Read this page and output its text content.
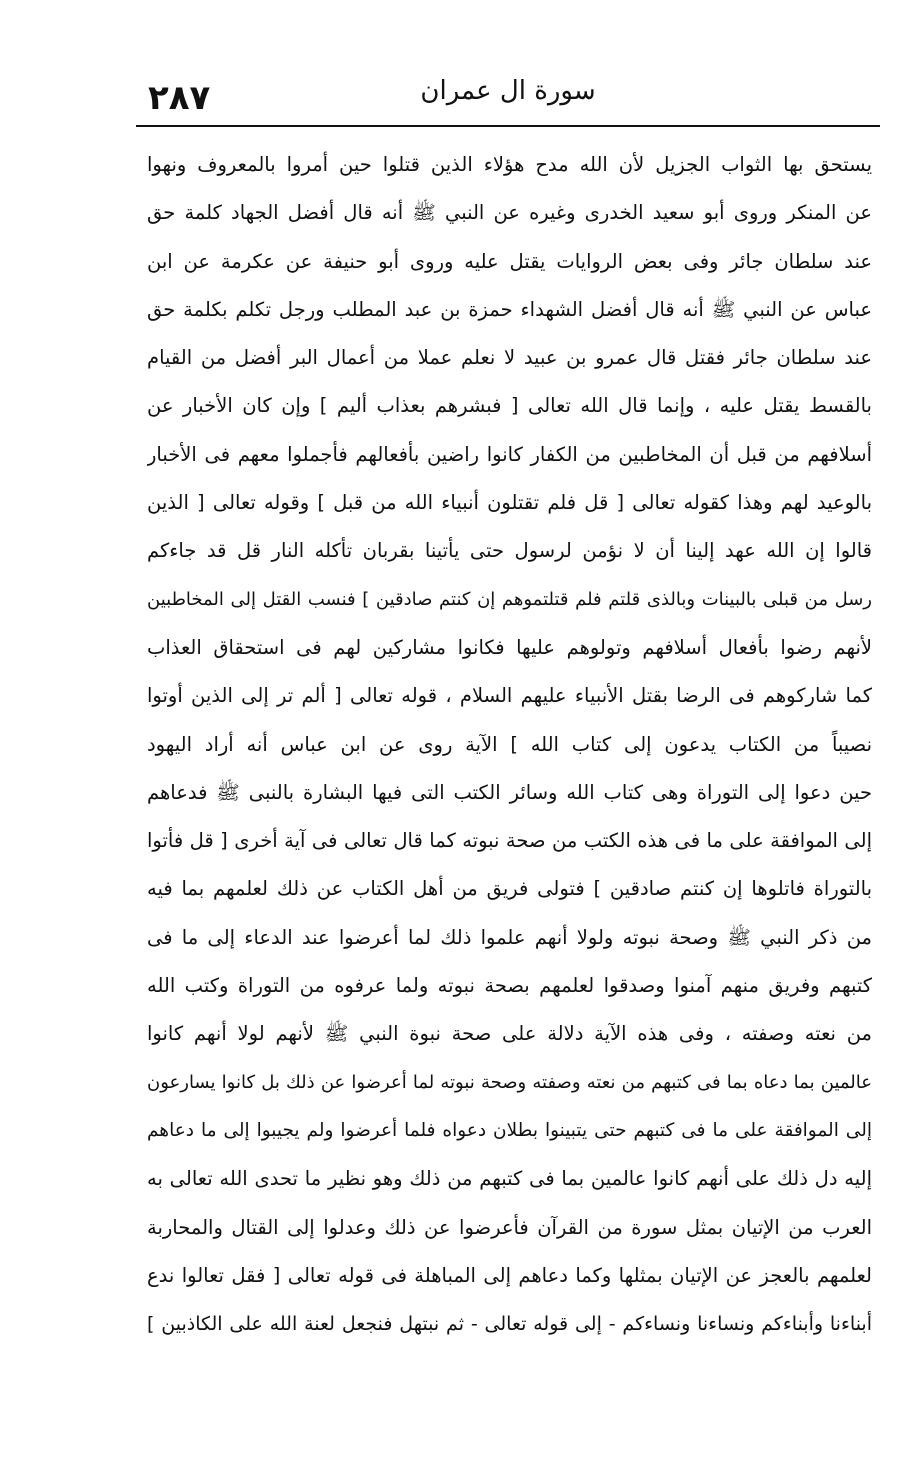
٢٨٧	سورة ال عمران
يستحق بها الثواب الجزيل لأن الله مدح هؤلاء الذين قتلوا حين أمروا بالمعروف ونهوا
عن المنكر وروى أبو سعيد الخدرى وغيره عن النبي ﷺ أنه قال أفضل الجهاد كلمة حق
عند سلطان جائر وفى بعض الروايات يقتل عليه وروى أبو حنيفة عن عكرمة عن ابن
عباس عن النبي ﷺ أنه قال أفضل الشهداء حمزة بن عبد المطلب ورجل تكلم بكلمة حق
عند سلطان جائر فقتل قال عمرو بن عبيد لا نعلم عملا من أعمال البر أفضل من القيام
بالقسط يقتل عليه ، وإنما قال الله تعالى [ فبشرهم بعذاب أليم ] وإن كان الأخبار عن
أسلافهم من قبل أن المخاطبين من الكفار كانوا راضين بأفعالهم فأجملوا معهم فى الأخبار
بالوعيد لهم وهذا كقوله تعالى [ قل فلم تقتلون أنبياء الله من قبل ] وقوله تعالى [ الذين
قالوا إن الله عهد إلينا أن لا نؤمن لرسول حتى يأتينا بقربان تأكله النار قل قد جاءكم
رسل من قبلى بالبينات وبالذى قلتم فلم قتلتموهم إن كنتم صادقين ] فنسب القتل إلى المخاطبين
لأنهم رضوا بأفعال أسلافهم وتولوهم عليها فكانوا مشاركين لهم فى استحقاق العذاب
كما شاركوهم فى الرضا بقتل الأنبياء عليهم السلام ، قوله تعالى [ ألم تر إلى الذين أوتوا
نصيباً من الكتاب يدعون إلى كتاب الله ] الآية روى عن ابن عباس أنه أراد اليهود
حين دعوا إلى التوراة وهى كتاب الله وسائر الكتب التى فيها البشارة بالنبى ﷺ فدعاهم
إلى الموافقة على ما فى هذه الكتب من صحة نبوته كما قال تعالى فى آية أخرى [ قل فأتوا
بالتوراة فاتلوها إن كنتم صادقين ] فتولى فريق من أهل الكتاب عن ذلك لعلمهم بما فيه
من ذكر النبي ﷺ وصحة نبوته ولولا أنهم علموا ذلك لما أعرضوا عند الدعاء إلى ما فى
كتبهم وفريق منهم آمنوا وصدقوا لعلمهم بصحة نبوته ولما عرفوه من التوراة وكتب الله
من نعته وصفته ، وفى هذه الآية دلالة على صحة نبوة النبي ﷺ لأنهم لولا أنهم كانوا
عالمين بما دعاه بما فى كتبهم من نعته وصفته وصحة نبوته لما أعرضوا عن ذلك بل كانوا يسارعون
إلى الموافقة على ما فى كتبهم حتى يتبينوا بطلان دعواه فلما أعرضوا ولم يجيبوا إلى ما دعاهم
إليه دل ذلك على أنهم كانوا عالمين بما فى كتبهم من ذلك وهو نظير ما تحدى الله تعالى به
العرب من الإتيان بمثل سورة من القرآن فأعرضوا عن ذلك وعدلوا إلى القتال والمحاربة
لعلمهم بالعجز عن الإتيان بمثلها وكما دعاهم إلى المباهلة فى قوله تعالى [ فقل تعالوا ندع
أبناءنا وأبناءكم ونساءنا ونساءكم - إلى قوله تعالى - ثم نبتهل فنجعل لعنة الله على الكاذبين ]
